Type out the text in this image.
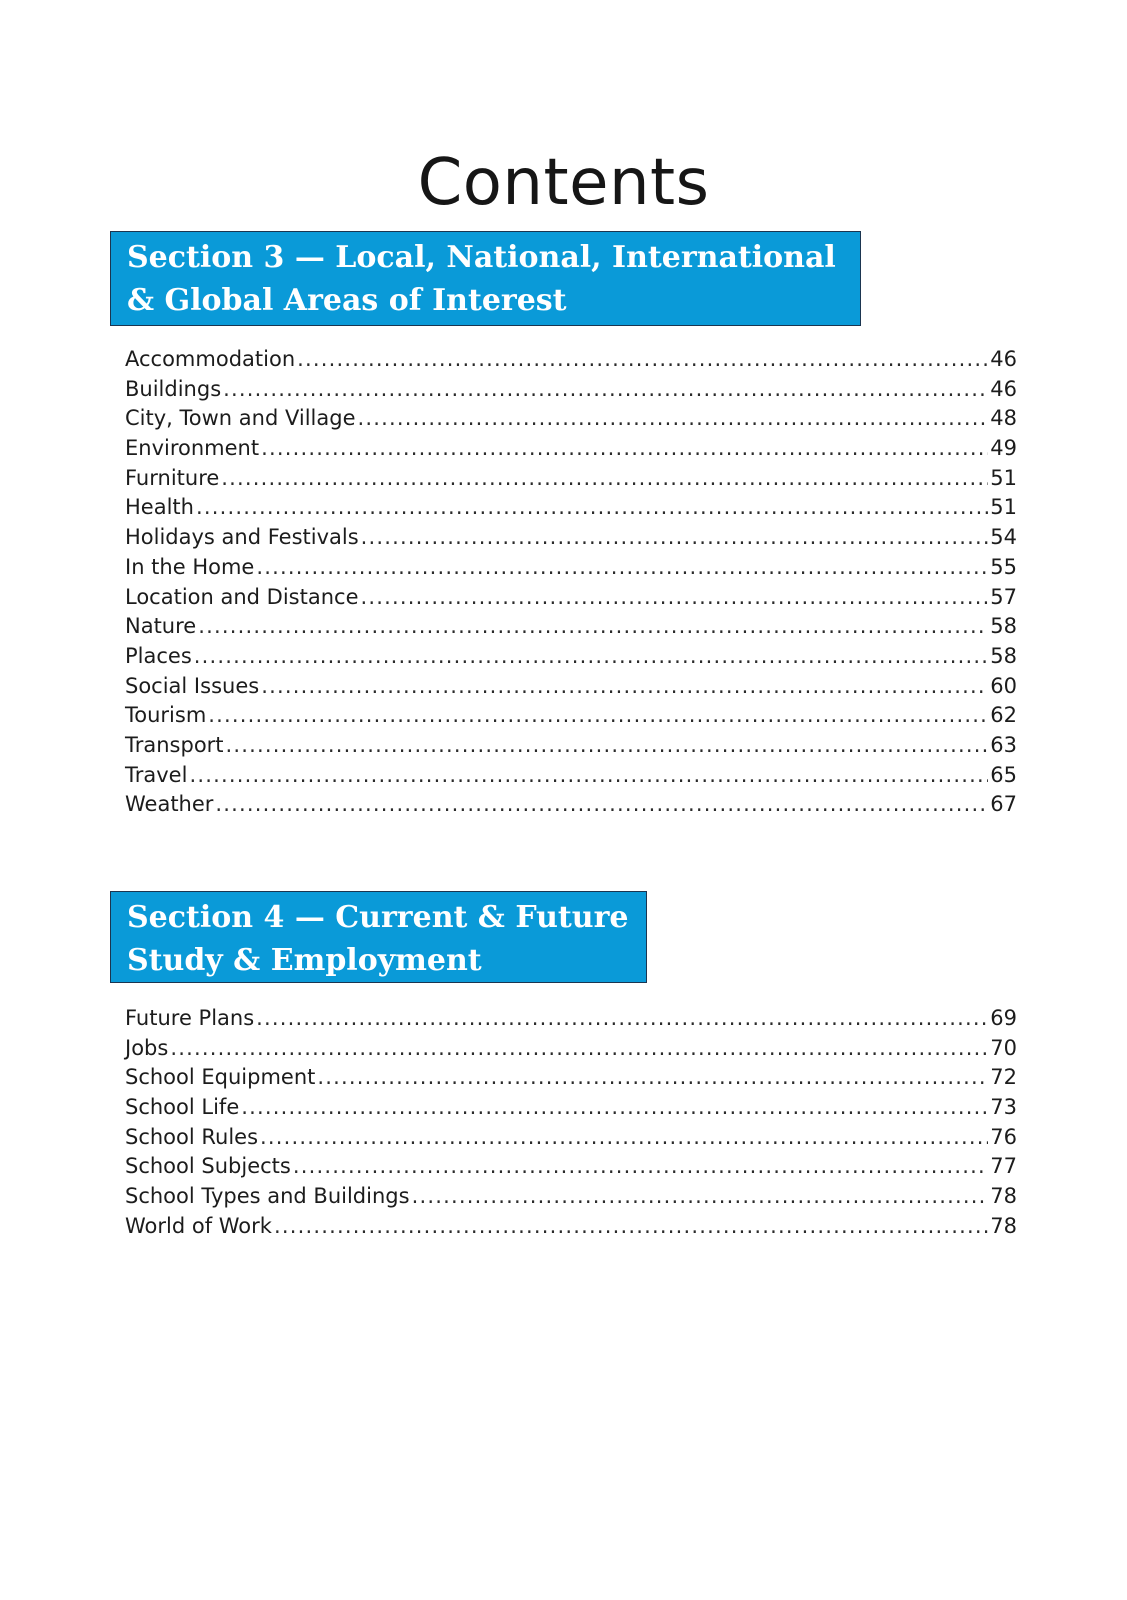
Contents
Section 3 — Local, National, International
& Global Areas of Interest
Accommodation .....	46
Buildings .....	46
City, Town and Village .....	48
Environment .....	49
Furniture .....	51
Health .....	51
Holidays and Festivals .....	54
In the Home .....	55
Location and Distance .....	57
Nature .....	58
Places .....	58
Social Issues .....	60
Tourism .....	62
Transport .....	63
Travel .....	65
Weather .....	67
Section 4 — Current & Future
Study & Employment
Future Plans .....	69
Jobs .....	70
School Equipment .....	72
School Life .....	73
School Rules .....	76
School Subjects .....	77
School Types and Buildings .....	78
World of Work .....	78
